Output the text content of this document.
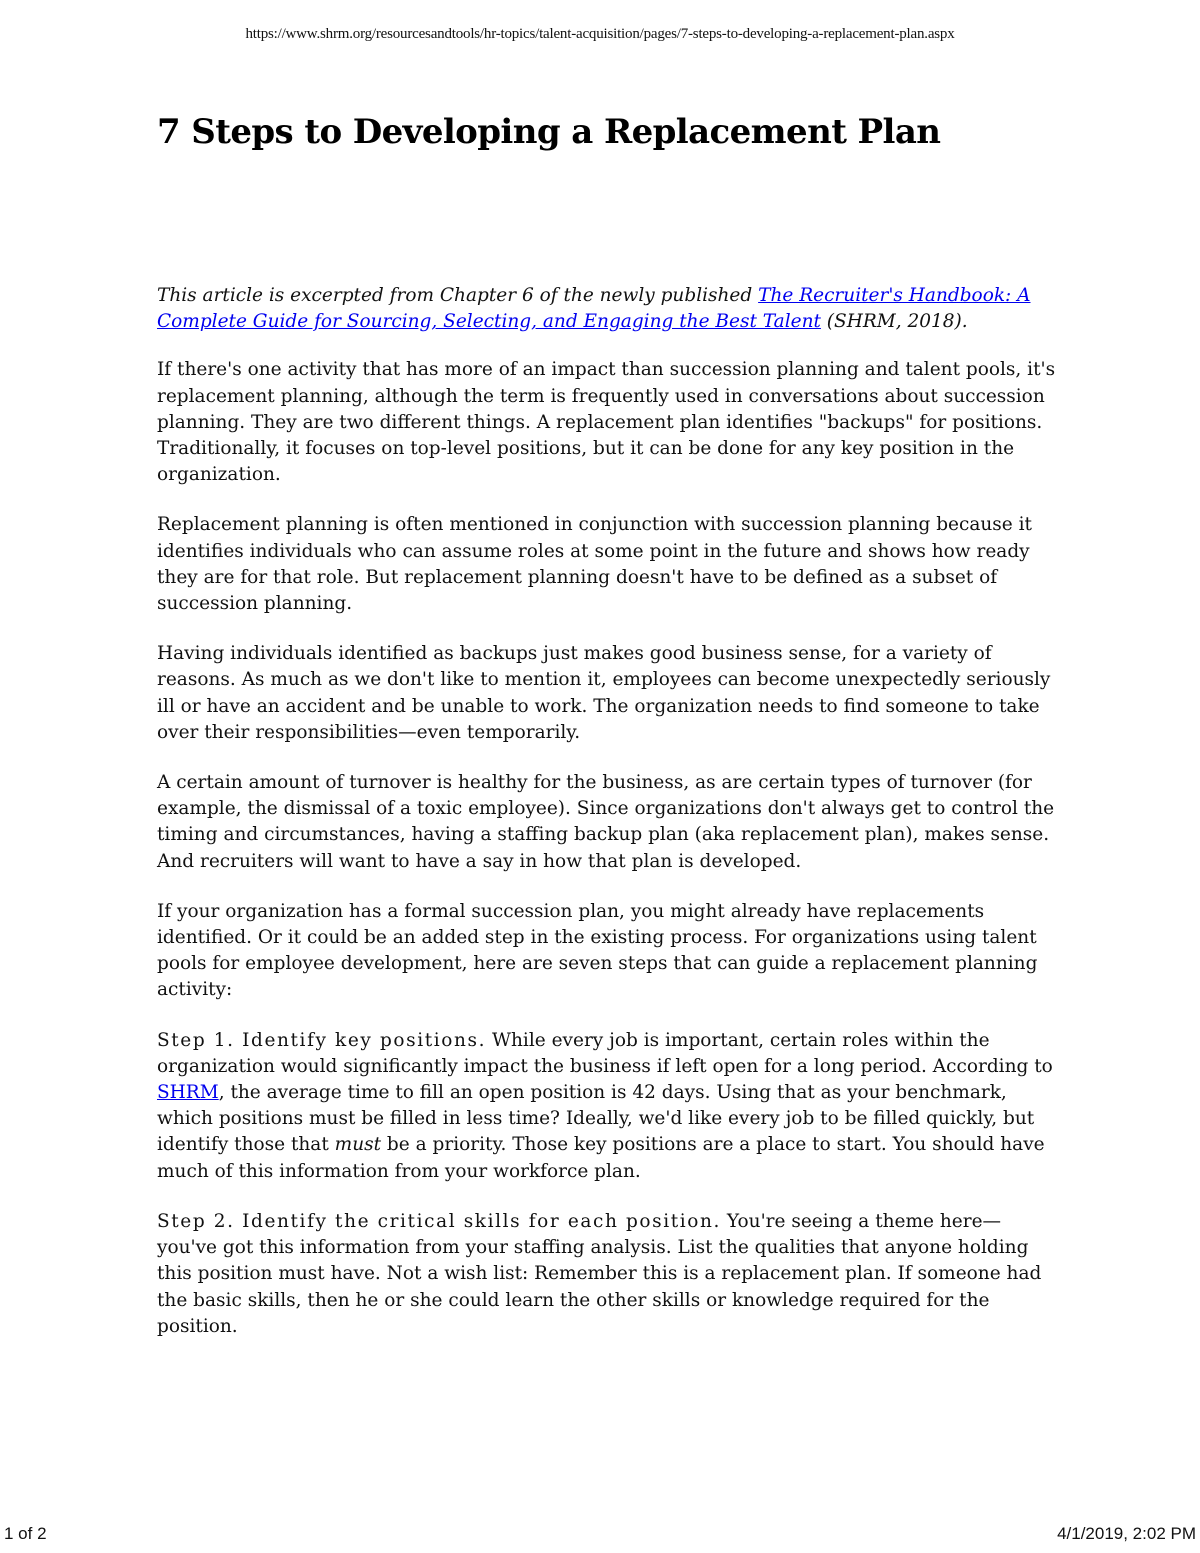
https://www.shrm.org/resourcesandtools/hr-topics/talent-acquisition/pages/7-steps-to-developing-a-replacement-plan.aspx
7 Steps to Developing a Replacement Plan

This article is excerpted from Chapter 6 of the newly published The Recruiter's Handbook: A Complete Guide for Sourcing, Selecting, and Engaging the Best Talent (SHRM, 2018).

If there's one activity that has more of an impact than succession planning and talent pools, it's replacement planning, although the term is frequently used in conversations about succession planning. They are two different things. A replacement plan identifies "backups" for positions. Traditionally, it focuses on top-level positions, but it can be done for any key position in the organization.

Replacement planning is often mentioned in conjunction with succession planning because it identifies individuals who can assume roles at some point in the future and shows how ready they are for that role. But replacement planning doesn't have to be defined as a subset of succession planning.

Having individuals identified as backups just makes good business sense, for a variety of reasons. As much as we don't like to mention it, employees can become unexpectedly seriously ill or have an accident and be unable to work. The organization needs to find someone to take over their responsibilities—even temporarily.

A certain amount of turnover is healthy for the business, as are certain types of turnover (for example, the dismissal of a toxic employee). Since organizations don't always get to control the timing and circumstances, having a staffing backup plan (aka replacement plan), makes sense. And recruiters will want to have a say in how that plan is developed.

If your organization has a formal succession plan, you might already have replacements identified. Or it could be an added step in the existing process. For organizations using talent pools for employee development, here are seven steps that can guide a replacement planning activity:

Step 1. Identify key positions. While every job is important, certain roles within the organization would significantly impact the business if left open for a long period. According to SHRM, the average time to fill an open position is 42 days. Using that as your benchmark, which positions must be filled in less time? Ideally, we'd like every job to be filled quickly, but identify those that must be a priority. Those key positions are a place to start. You should have much of this information from your workforce plan.

Step 2. Identify the critical skills for each position. You're seeing a theme here—you've got this information from your staffing analysis. List the qualities that anyone holding this position must have. Not a wish list: Remember this is a replacement plan. If someone had the basic skills, then he or she could learn the other skills or knowledge required for the position.

1 of 2	4/1/2019, 2:02 PM
